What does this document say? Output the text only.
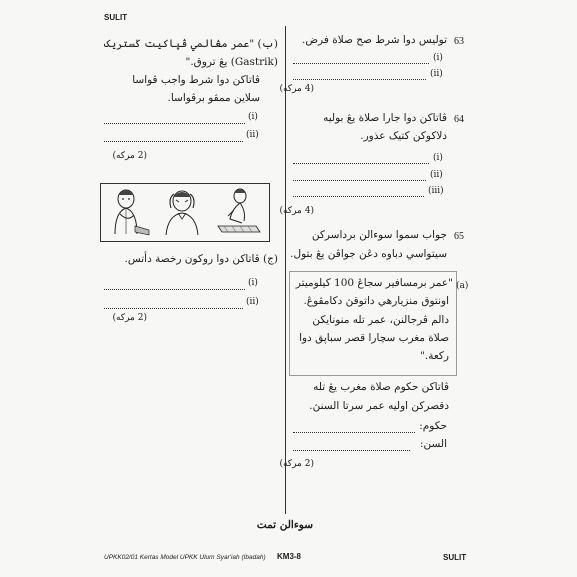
SULIT
63
تولیس دوا شرط صح صلاة فرض.
(i)
(ii)
(4 مرکه)
64
ڤاتاکن دوا جارا صلاة يڠ بوليه
دلاکوکن کتيک عذور.
(i)
(ii)
(iii)
(4 مرکه)
65
جواب سموا سوءالن برداسرکن
سيتواسي دباوه دڠن جواڤن يڠ بتول.
(a)
"عمر برمسافير سجاڠ 100 کيلوميتر
اونتوق منزيارهي داتوقڽ دکامڤوڠ.
دالم ڤرجالنن، عمر تله منونايکن
صلاة مغرب سچارا قصر سباڽق دوا
رکعة."
ڤاتاکن حکوم صلاة مغرب يڠ تله
دقصرکن اوليه عمر سرتا السنڽ.
حکوم:
السن:
(2 مرکه)
(ب) "عمر مڠالمي ڤڽاکيت ݢستريک
(Gastrik) يڠ تروق."
ڤاتاکن دوا شرط واجب ڤواسا
سلاين ممڤو برڤواسا.
(i)
(ii)
(2 مرکه)
(ج) ڤاتاکن دوا روکون رخصة دأتس.
(i)
(ii)
(2 مرکه)
سوءالن تمت
UPKK02/01 Kertas Model UPKK Ulum Syar'iah (Ibadah) KM3-8	SULIT
